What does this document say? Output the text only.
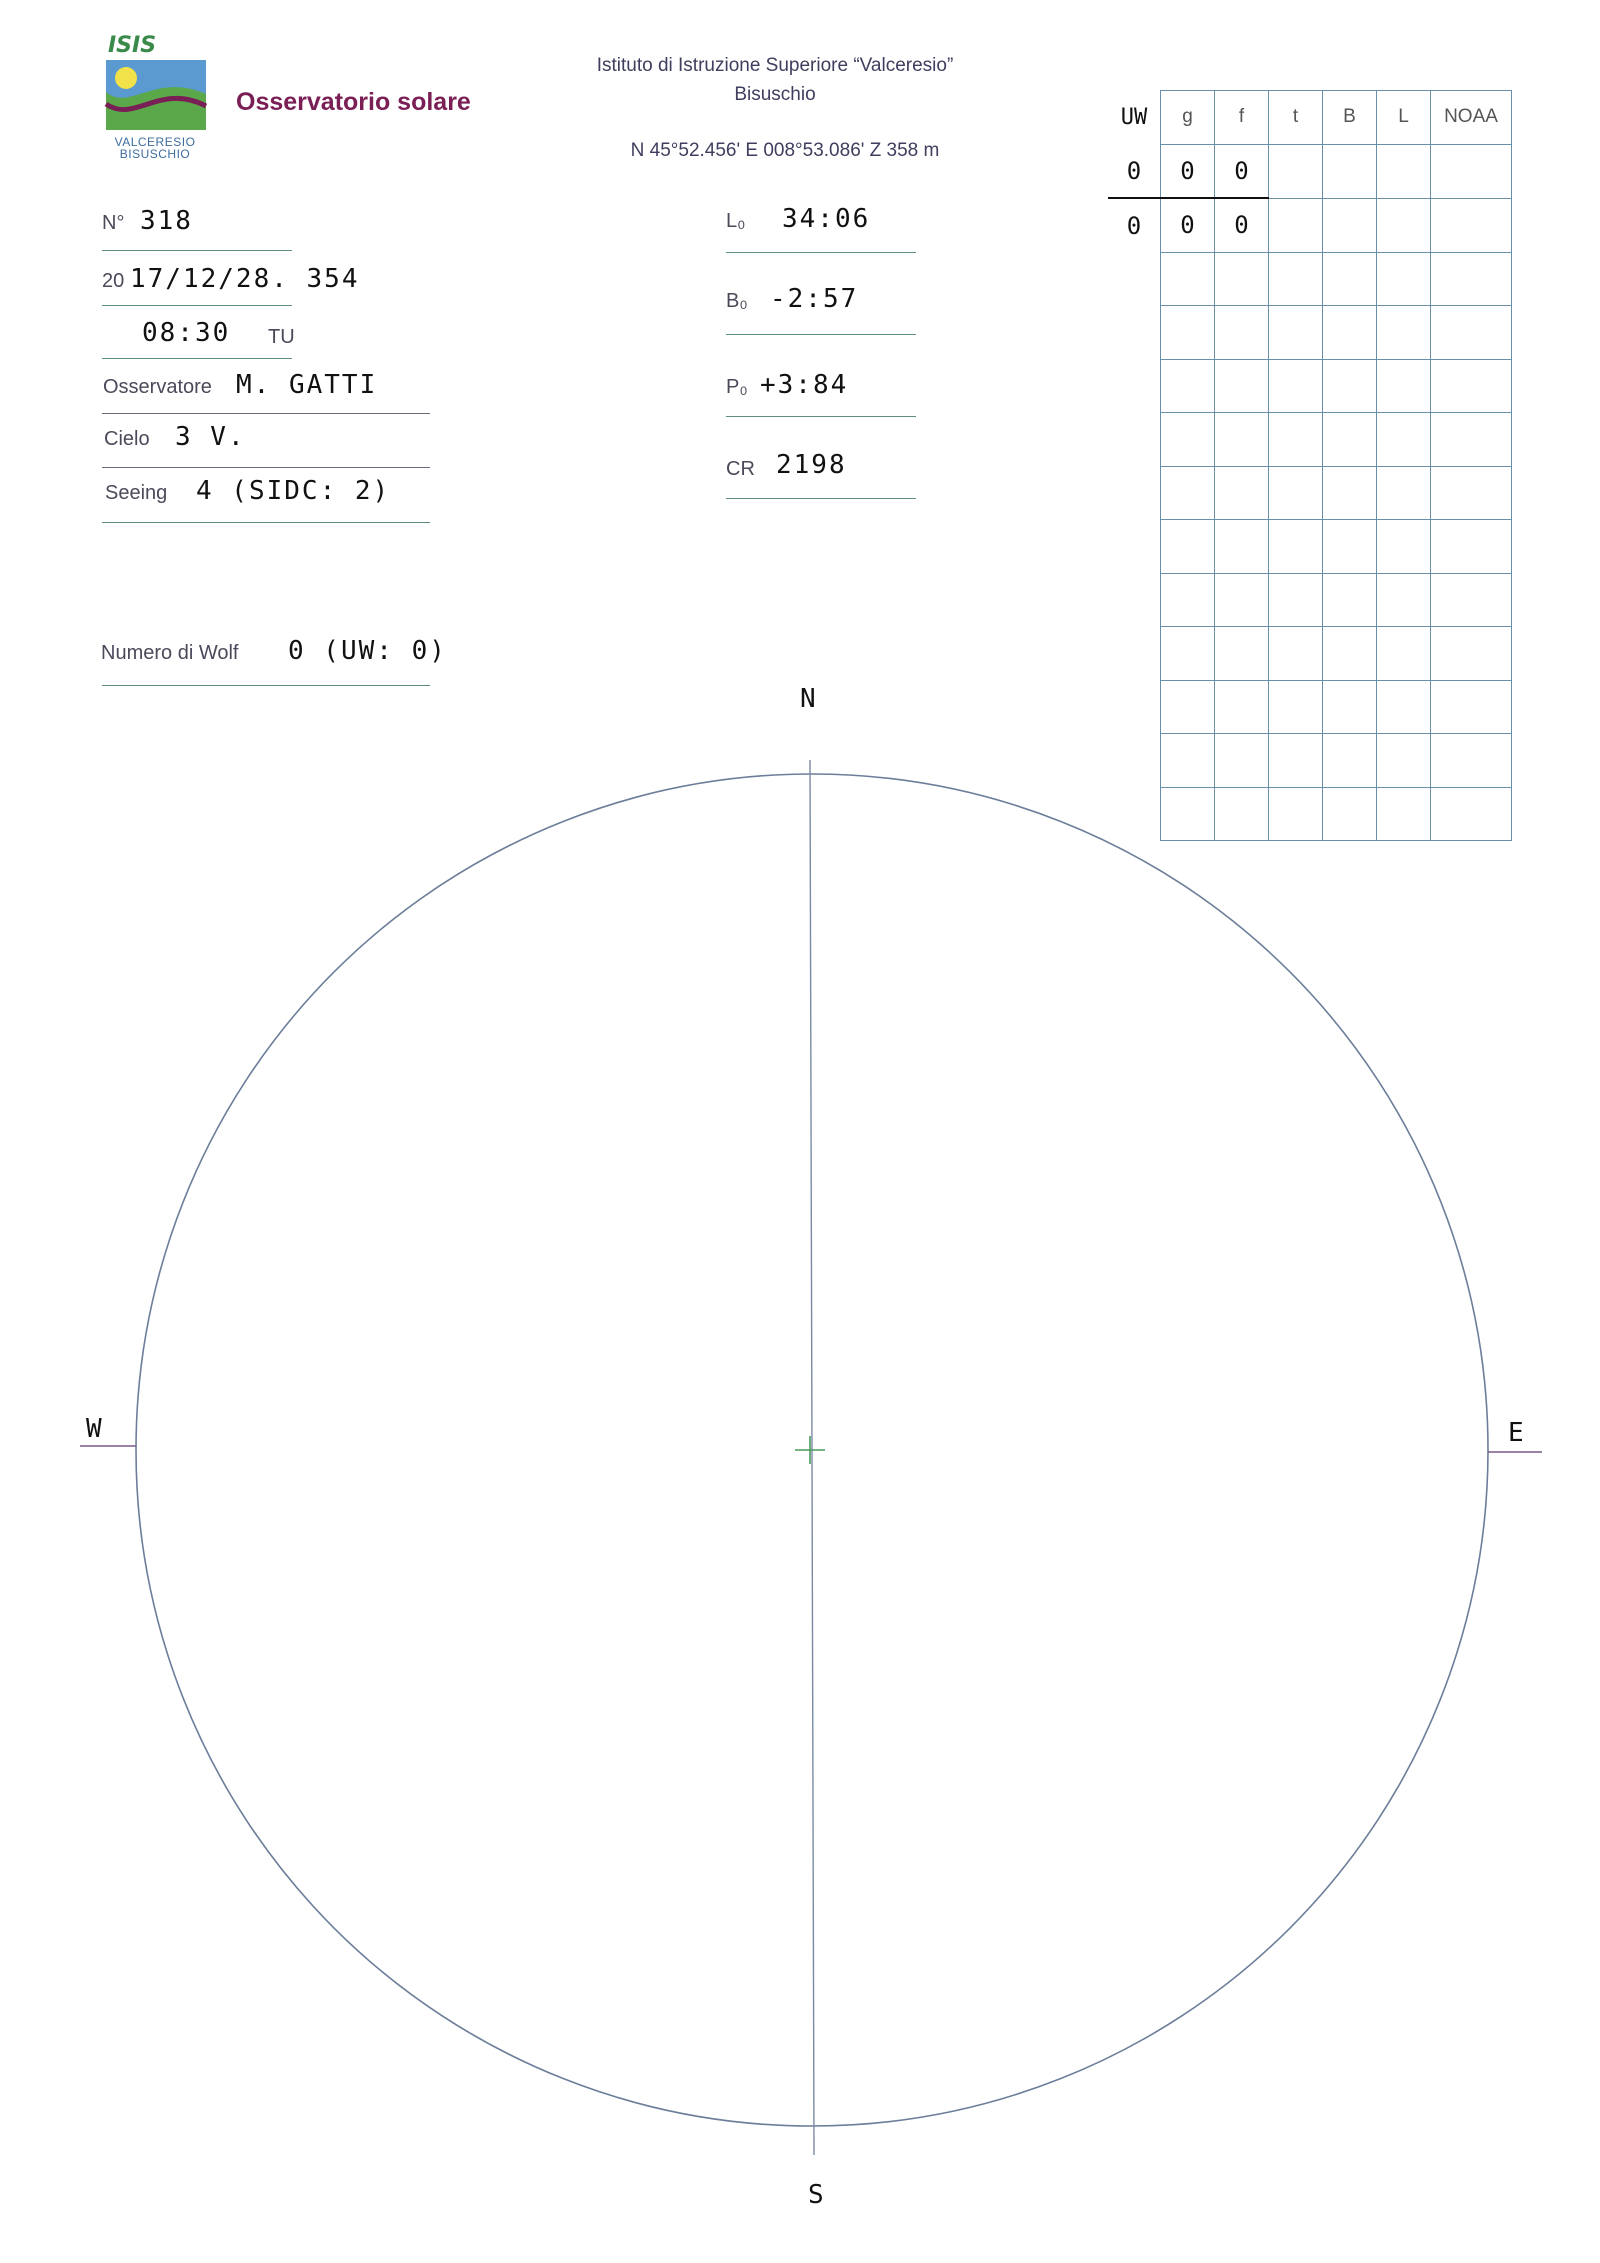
ISIS
VALCERESIO
BISUSCHIO
Osservatorio solare
Istituto di Istruzione Superiore “Valceresio”
Bisuschio
N 45°52.456' E 008°53.086' Z 358 m
N° 318
20 17/12/28. 354
08:30 TU
Osservatore M. GATTI
Cielo 3 V.
Seeing 4 (SIDC: 2)
Numero di Wolf 0 (UW: 0)
L₀ 34:06
B₀ -2:57
P₀ +3:84
CR 2198
UW	g	f	t	B	L	NOAA
0	0	0				
0	0	0				

N
S
E
W
